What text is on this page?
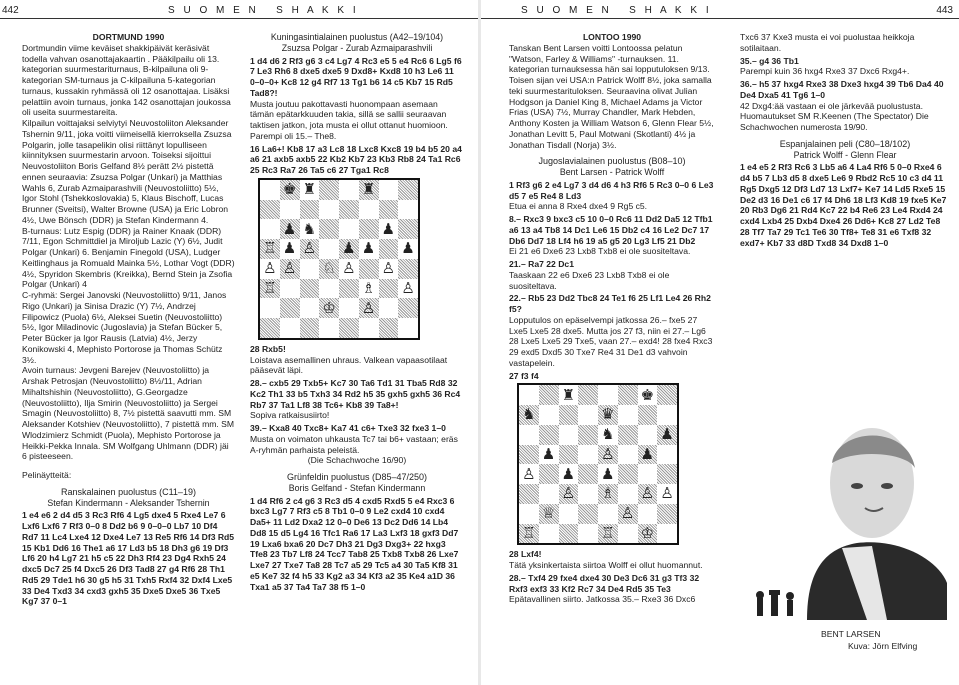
442	S U O M E N S H A K K I
DORTMUND 1990

Dortmundin viime keväiset shakkipäivät keräsivät todella vahvan osanottajakaartin . Pääkilpailu oli 13. kategorian suurmestariturnaus, B-kilpailuna oli 9-kategorian SM-turnaus ja C-kilpailuna 5-kategorian turnaus, kussakin ryhmässä oli 12 osanottajaa. Lisäksi pelattiin avoin turnaus, jonka 142 osanottajan joukossa oli useita suurmestareita.

Kilpailun voittajaksi selviytyi Neuvostoliiton Aleksander Tshernin 9/11, joka voitti viimeisellä kierroksella Zsuzsa Polgarin, jolle tasapelikin olisi riittänyt lopulliseen kiinnityksen suurmestarin arvoon. Toiseksi sijoittui Neuvostoliiton Boris Gelfand 8½ perätt 2½ pistettä ennen seuraavia: Zsuzsa Polgar (Unkari) ja Matthias Wahls 6, Zurab Azmaiparashvili (Neuvostoliitto) 5½, Igor Stohl (Tshekkoslovakia) 5, Klaus Bischoff, Lucas Brunner (Sveitsi), Walter Browne (USA) ja Eric Lobron 4½, Uwe Bönsch (DDR) ja Stefan Kindermann 4.

B-turnaus: Lutz Espig (DDR) ja Rainer Knaak (DDR) 7/11, Egon Schmittdiel ja Miroljub Lazic (Y) 6½, Judit Polgar (Unkari) 6. Benjamin Finegold (USA), Ludger Keitlinghaus ja Romuald Mainka 5½, Lothar Vogt (DDR) 4½, Spyridon Skembris (Kreikka), Bernd Stein ja Zsofia Polgar (Unkari) 4

C-ryhmä: Sergei Janovski (Neuvostoliitto) 9/11, Janos Rigo (Unkari) ja Sinisa Drazic (Y) 7½, Andrzej Filipowicz (Puola) 6½, Aleksei Suetin (Neuvostoliitto) 5½, Igor Miladinovic (Jugoslavia) ja Stefan Bücker 5, Peter Bücker ja Igor Rausis (Latvia) 4½, Jerzy Konikowski 4, Mephisto Portorose ja Thomas Schütz 3½.

Avoin turnaus: Jevgeni Barejev (Neuvostoliitto) ja Arshak Petrosjan (Neuvostoliitto) 8½/11, Adrian Mihaltshishin (Neuvostoliitto), G.Georgadze (Neuvostoliitto), Ilja Smirin (Neuvostoliitto) ja Sergei Smagin (Neuvostoliitto) 8, 7½ pistettä saavutti mm. SM Aleksander Kotshiev (Neuvostoliitto), 7 pistettä mm. SM Wlodzimierz Schmidt (Puola), Mephisto Portorose ja Heikki-Pekka Innala. SM Wolfgang Uhlmann (DDR) jäi 6 pisteeseen.

Pelinäytteitä:

Ranskalainen puolustus (C11–19)
Stefan Kindermann - Aleksander Tshernin

1 e4 e6 2 d4 d5 3 Rc3 Rf6 4 Lg5 dxe4 5 Rxe4 Le7 6 Lxf6 Lxf6 7 Rf3 0–0 8 Dd2 b6 9 0–0–0 Lb7 10 Df4 Rd7 11 Lc4 Lxe4 12 Dxe4 Le7 13 Re5 Rf6 14 Df3 Rd5 15 Kb1 Dd6 16 The1 a6 17 Ld3 b5 18 Dh3 g6 19 Df3 Lf6 20 h4 Lg7 21 h5 c5 22 Dh3 Rf4 23 Dg4 Rxh5 24 dxc5 Dc7 25 f4 Dxc5 26 Df3 Tad8 27 g4 Rf6 28 Th1 Rd5 29 Tde1 h6 30 g5 h5 31 Txh5 Rxf4 32 Dxf4 Lxe5 33 De4 Txd3 34 cxd3 gxh5 35 Dxe5 Dxe5 36 Txe5 Kg7 37 0–1

Kuningasintialainen puolustus (A42–19/104)
Zsuzsa Polgar - Zurab Azmaiparashvili

1 d4 d6 2 Rf3 g6 3 c4 Lg7 4 Rc3 e5 5 e4 Rc6 6 Lg5 f6 7 Le3 Rh6 8 dxe5 dxe5 9 Dxd8+ Kxd8 10 h3 Le6 11 0–0–0+ Kc8 12 g4 Rf7 13 Tg1 b6 14 c5 Kb7 15 Rd5 Tad8?!

Musta joutuu pakottavasti huonompaan asemaan tämän epätarkkuuden takia, sillä se sallii seuraavan taktisen jatkon, jota musta ei ollut ottanut huomioon. Parempi oli 15.– The8.

16 La6+! Kb8 17 a3 Lc8 18 Lxc8 Kxc8 19 b4 b5 20 a4 a6 21 axb5 axb5 22 Kb2 Kb7 23 Kb3 Rb8 24 Ta1 Rc6 25 Rc3 Ra7 26 Ta5 c6 27 Tga1 Rc8

♚ ♜	♜
♟ ♞	♟
♖ ♟ ♙ ♟ ♟ ♟
♙ ♙ ♘ ♙ ♙
♖	♗ ♙
♔ ♙

28 Rxb5!

Loistava asemallinen uhraus. Valkean vapaasotilaat pääsevät läpi.

28.– cxb5 29 Txb5+ Kc7 30 Ta6 Td1 31 Tba5 Rd8 32 Kc2 Th1 33 b5 Txh3 34 Rd2 h5 35 gxh5 gxh5 36 Rc4 Rb7 37 Ta1 Lf8 38 Tc6+ Kb8 39 Ta8+!

Sopiva ratkaisusiirto!

39.– Kxa8 40 Txc8+ Ka7 41 c6+ Txe3 32 fxe3 1–0

Musta on voimaton uhkausta Tc7 tai b6+ vastaan; eräs A-ryhmän parhaista peleistä.

(Die Schachwoche 16/90)

Grünfeldin puolustus (D85–47/250)
Boris Gelfand - Stefan Kindermann

1 d4 Rf6 2 c4 g6 3 Rc3 d5 4 cxd5 Rxd5 5 e4 Rxc3 6 bxc3 Lg7 7 Rf3 c5 8 Tb1 0–0 9 Le2 cxd4 10 cxd4 Da5+ 11 Ld2 Dxa2 12 0–0 Dе6 13 Dc2 Dd6 14 Lb4 Dd8 15 d5 Lg4 16 Tfc1 Ra6 17 La3 Lxf3 18 gxf3 Dd7 19 Lxa6 bxa6 20 Dc7 Dh3 21 Dg3 Dxg3+ 22 hxg3 Tfe8 23 Tb7 Lf8 24 Tcc7 Tab8 25 Txb8 Txb8 26 Lxe7 Lxe7 27 Txe7 Ta8 28 Tc7 a5 29 Tc5 a4 30 Ta5 Kf8 31 e5 Ke7 32 f4 h5 33 Kg2 a3 34 Kf3 a2 35 Ke4 a1D 36 Txa1 a5 37 Ta4 Ta7 38 f5 1–0

S U O M E N S H A K K I	443
LONTOO 1990

Tanskan Bent Larsen voitti Lontoossa pelatun "Watson, Farley & Williams" -turnauksen. 11. kategorian turnauksessa hän sai lopputuloksen 9/13. Toisen sijan vei USA:n Patrick Wolff 8½, joka samalla teki suurmestarituloksen. Seuraavina olivat Julian Hodgson ja Daniel King 8, Michael Adams ja Victor Frias (USA) 7½, Murray Chandler, Mark Hebden, Anthony Kosten ja William Watson 6, Glenn Flear 5½, Jonathan Levitt 5, Paul Motwani (Skotlanti) 4½ ja Jonathan Tisdall (Norja) 3½.

Jugoslavialainen puolustus (B08–10)
Bent Larsen - Patrick Wolff

1 Rf3 g6 2 e4 Lg7 3 d4 d6 4 h3 Rf6 5 Rc3 0–0 6 Le3 d5 7 e5 Re4 8 Ld3

Etua ei anna 8 Rxe4 dxe4 9 Rg5 c5.

8.– Rxc3 9 bxc3 c5 10 0–0 Rc6 11 Dd2 Da5 12 Tfb1 a6 13 a4 Tb8 14 Dc1 Le6 15 Db2 c4 16 Le2 Dc7 17 Db6 Dd7 18 Lf4 h6 19 a5 g5 20 Lg3 Lf5 21 Db2

Ei 21 e6 Dxe6 23 Lxb8 Txb8 ei ole suositeltava.

21.– Ra7 22 Dc1

Taaskaan 22 e6 Dxe6 23 Lxb8 Txb8 ei ole suositeltava.

22.– Rb5 23 Dd2 Tbc8 24 Te1 f6 25 Lf1 Le4 26 Rh2 f5?

Lopputulos on epäselvempi jatkossa 26.– fxe5 27 Lxe5 Lxe5 28 dxe5. Mutta jos 27 f3, niin ei 27.– Lg6 28 Lxe5 Lxe5 29 Txe5, vaan 27.– exd4! 28 fxe4 Rxc3 29 exd5 Dxd5 30 Txe7 Re4 31 De1 d3 vahvoin vastapelein.

27 f3 f4

♜	♚
♞	♛
♞	♟
♟	♙ ♟
♙ ♟ ♟
♙ ♗ ♙ ♙
♕	♙
♖	♖ ♔

28 Lxf4!

Tätä yksinkertaista siirtoa Wolff ei ollut huomannut.

28.– Txf4 29 fxe4 dxe4 30 De3 Dc6 31 g3 Tf3 32 Rxf3 exf3 33 Kf2 Rc7 34 De4 Rd5 35 Te3

Epätavallinen siirto. Jatkossa 35.– Rxe3 36 Dxc6

Txc6 37 Kxe3 musta ei voi puolustaa heikkoja sotilaitaan.

35.– g4 36 Tb1

Parempi kuin 36 hxg4 Rxe3 37 Dxc6 Rxg4+.

36.– h5 37 hxg4 Rxe3 38 Dxe3 hxg4 39 Tb6 Da4 40 De4 Dxa5 41 Tg6 1–0

42 Dxg4:ää vastaan ei ole järkevää puolustusta. Huomautukset SM R.Keenen (The Spectator) Die Schachwochen numerosta 19/90.

Espanjalainen peli (C80–18/102)
Patrick Wolff - Glenn Flear

1 e4 e5 2 Rf3 Rc6 3 Lb5 a6 4 La4 Rf6 5 0–0 Rxe4 6 d4 b5 7 Lb3 d5 8 dxe5 Le6 9 Rbd2 Rc5 10 c3 d4 11 Rg5 Dxg5 12 Df3 Ld7 13 Lxf7+ Ke7 14 Ld5 Rxe5 15 De2 d3 16 De1 c6 17 f4 Dh6 18 Lf3 Kd8 19 fxe5 Ke7 20 Rb3 Dg6 21 Rd4 Kc7 22 b4 Re6 23 Le4 Rxd4 24 cxd4 Lxb4 25 Dxb4 Dxe4 26 Dd6+ Kc8 27 Ld2 Te8 28 Tf7 Ta7 29 Tc1 Te6 30 Tf8+ Te8 31 e6 Txf8 32 exd7+ Kb7 33 d8D Txd8 34 Dxd8 1–0

BENT LARSEN
Kuva: Jörn Elfving
